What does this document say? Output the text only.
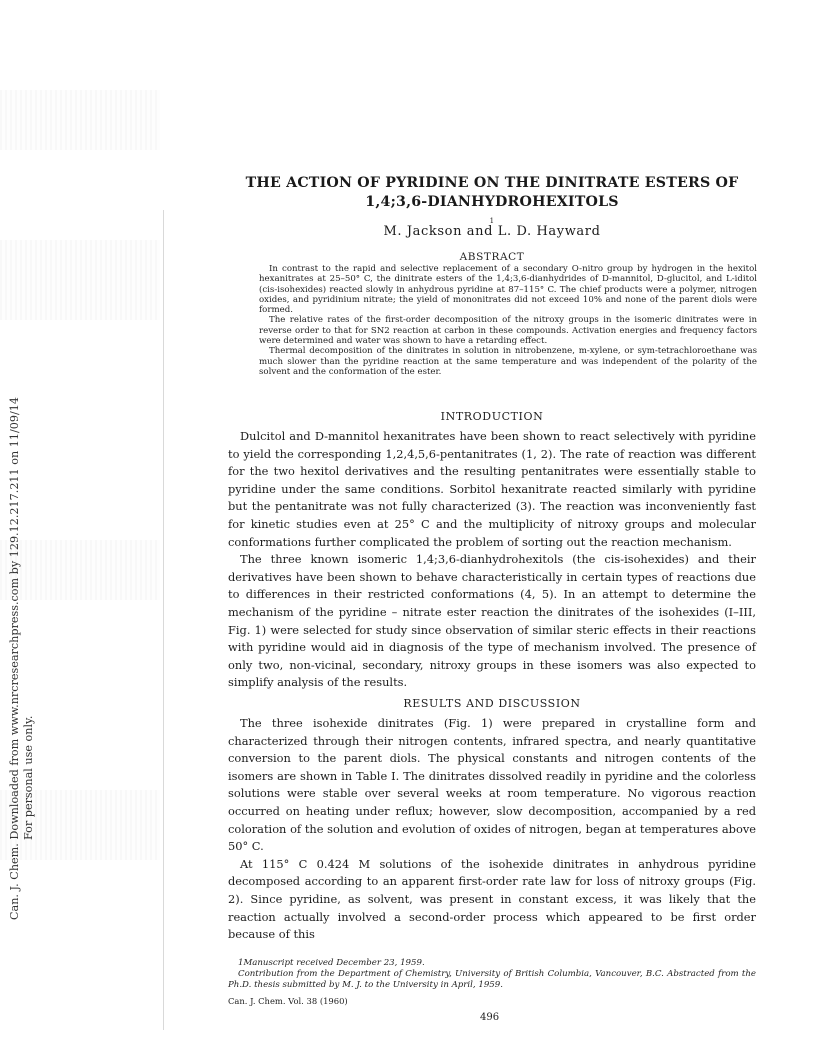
Can. J. Chem. Downloaded from www.nrcresearchpress.com by 129.12.217.211 on 11/09/14 For personal use only.
THE ACTION OF PYRIDINE ON THE DINITRATE ESTERS OF
1,4;3,6-DIANHYDROHEXITOLS
1
M. Jackson and L. D. Hayward
ABSTRACT

In contrast to the rapid and selective replacement of a secondary O-nitro group by hydrogen in the hexitol hexanitrates at 25–50° C, the dinitrate esters of the 1,4;3,6-dianhydrides of D-mannitol, D-glucitol, and L-iditol (cis-isohexides) reacted slowly in anhydrous pyridine at 87–115° C. The chief products were a polymer, nitrogen oxides, and pyridinium nitrate; the yield of mononitrates did not exceed 10% and none of the parent diols were formed.

The relative rates of the first-order decomposition of the nitroxy groups in the isomeric dinitrates were in reverse order to that for SN2 reaction at carbon in these compounds. Activation energies and frequency factors were determined and water was shown to have a retarding effect.

Thermal decomposition of the dinitrates in solution in nitrobenzene, m-xylene, or sym-tetrachloroethane was much slower than the pyridine reaction at the same temperature and was independent of the polarity of the solvent and the conformation of the ester.

INTRODUCTION

Dulcitol and D-mannitol hexanitrates have been shown to react selectively with pyridine to yield the corresponding 1,2,4,5,6-pentanitrates (1, 2). The rate of reaction was different for the two hexitol derivatives and the resulting pentanitrates were essentially stable to pyridine under the same conditions. Sorbitol hexanitrate reacted similarly with pyridine but the pentanitrate was not fully characterized (3). The reaction was inconveniently fast for kinetic studies even at 25° C and the multiplicity of nitroxy groups and molecular conformations further complicated the problem of sorting out the reaction mechanism.

The three known isomeric 1,4;3,6-dianhydrohexitols (the cis-isohexides) and their derivatives have been shown to behave characteristically in certain types of reactions due to differences in their restricted conformations (4, 5). In an attempt to determine the mechanism of the pyridine – nitrate ester reaction the dinitrates of the isohexides (I–III, Fig. 1) were selected for study since observation of similar steric effects in their reactions with pyridine would aid in diagnosis of the type of mechanism involved. The presence of only two, non-vicinal, secondary, nitroxy groups in these isomers was also expected to simplify analysis of the results.

RESULTS AND DISCUSSION

The three isohexide dinitrates (Fig. 1) were prepared in crystalline form and characterized through their nitrogen contents, infrared spectra, and nearly quantitative conversion to the parent diols. The physical constants and nitrogen contents of the isomers are shown in Table I. The dinitrates dissolved readily in pyridine and the colorless solutions were stable over several weeks at room temperature. No vigorous reaction occurred on heating under reflux; however, slow decomposition, accompanied by a red coloration of the solution and evolution of oxides of nitrogen, began at temperatures above 50° C.

At 115° C 0.424 M solutions of the isohexide dinitrates in anhydrous pyridine decomposed according to an apparent first-order rate law for loss of nitroxy groups (Fig. 2). Since pyridine, as solvent, was present in constant excess, it was likely that the reaction actually involved a second-order process which appeared to be first order because of this

1Manuscript received December 23, 1959.

Contribution from the Department of Chemistry, University of British Columbia, Vancouver, B.C. Abstracted from the Ph.D. thesis submitted by M. J. to the University in April, 1959.

Can. J. Chem. Vol. 38 (1960)
496
